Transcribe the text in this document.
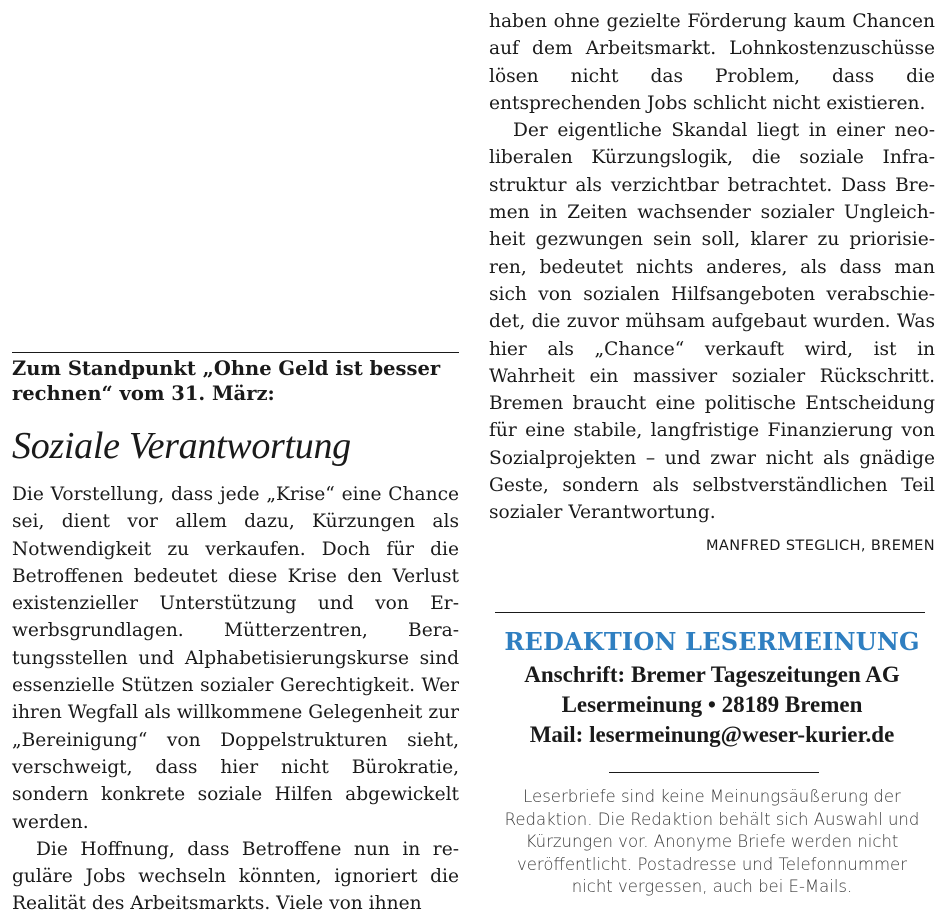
Zum Standpunkt „Ohne Geld ist besser rechnen“ vom 31. März:
Soziale Verantwortung

Die Vorstellung, dass jede „Krise“ eine Chance sei, dient vor allem dazu, Kürzungen als Notwendigkeit zu verkaufen. Doch für die Betroffenen bedeutet diese Krise den Verlust existenzieller Unterstützung und von Erwerbsgrundlagen. Mütterzentren, Beratungsstellen und Alphabetisierungskurse sind essenzielle Stützen sozialer Gerechtigkeit. Wer ihren Wegfall als willkommene Gelegenheit zur „Bereinigung“ von Doppelstrukturen sieht, verschweigt, dass hier nicht Bürokratie, sondern konkrete soziale Hilfen abgewickelt werden.

Die Hoffnung, dass Betroffene nun in reguläre Jobs wechseln könnten, ignoriert die Realität des Arbeitsmarkts. Viele von ihnen

haben ohne gezielte Förderung kaum Chancen auf dem Arbeitsmarkt. Lohnkostenzuschüsse lösen nicht das Problem, dass die entsprechenden Jobs schlicht nicht existieren.

Der eigentliche Skandal liegt in einer neoliberalen Kürzungslogik, die soziale Infrastruktur als verzichtbar betrachtet. Dass Bremen in Zeiten wachsender sozialer Ungleichheit gezwungen sein soll, klarer zu priorisieren, bedeutet nichts anderes, als dass man sich von sozialen Hilfsangeboten verabschiedet, die zuvor mühsam aufgebaut wurden. Was hier als „Chance“ verkauft wird, ist in Wahrheit ein massiver sozialer Rückschritt. Bremen braucht eine politische Entscheidung für eine stabile, langfristige Finanzierung von Sozialprojekten – und zwar nicht als gnädige Geste, sondern als selbstverständlichen Teil sozialer Verantwortung.

MANFRED STEGLICH, BREMEN
REDAKTION LESERMEINUNG
Anschrift: Bremer Tageszeitungen AG
Lesermeinung • 28189 Bremen
Mail: lesermeinung@weser-kurier.de
Leserbriefe sind keine Meinungsäußerung der Redaktion. Die Redaktion behält sich Auswahl und Kürzungen vor. Anonyme Briefe werden nicht veröffentlicht. Postadresse und Telefonnummer nicht vergessen, auch bei E-Mails.
